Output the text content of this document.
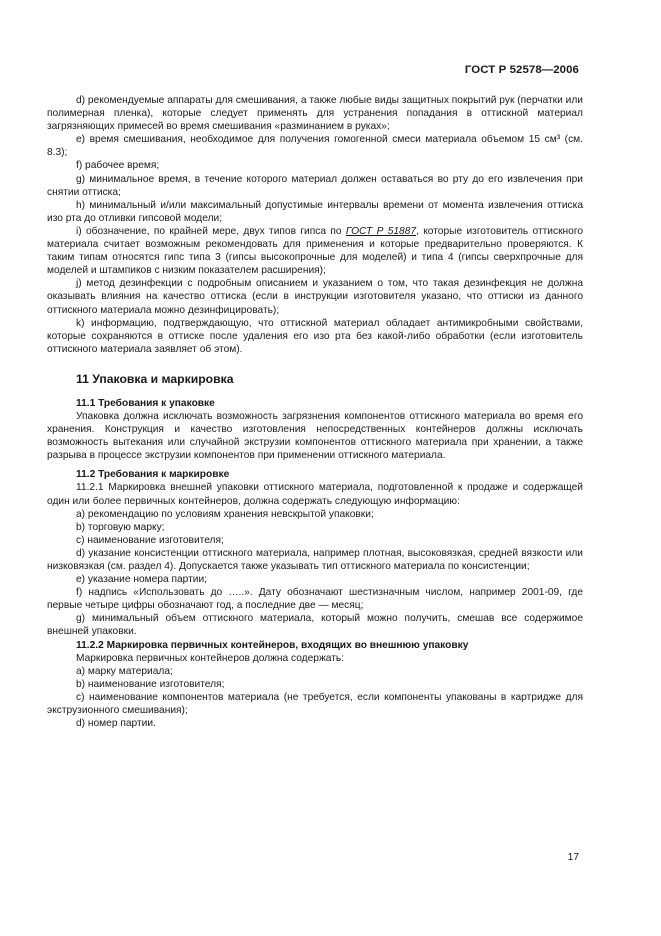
ГОСТ Р 52578—2006

d) рекомендуемые аппараты для смешивания, а также любые виды защитных покрытий рук (перчатки или полимерная пленка), которые следует применять для устранения попадания в оттискной материал загрязняющих примесей во время смешивания «разминанием в руках»;

e) время смешивания, необходимое для получения гомогенной смеси материала объемом 15 см³ (см. 8.3);

f) рабочее время;

g) минимальное время, в течение которого материал должен оставаться во рту до его извлечения при снятии оттиска;

h) минимальный и/или максимальный допустимые интервалы времени от момента извлечения оттиска изо рта до отливки гипсовой модели;

i) обозначение, по крайней мере, двух типов гипса по ГОСТ Р 51887, которые изготовитель оттискного материала считает возможным рекомендовать для применения и которые предварительно проверяются. К таким типам относятся гипс типа 3 (гипсы высокопрочные для моделей) и типа 4 (гипсы сверхпрочные для моделей и штампиков с низким показателем расширения);

j) метод дезинфекции с подробным описанием и указанием о том, что такая дезинфекция не должна оказывать влияния на качество оттиска (если в инструкции изготовителя указано, что оттиски из данного оттискного материала можно дезинфицировать);

k) информацию, подтверждающую, что оттискной материал обладает антимикробными свойствами, которые сохраняются в оттиске после удаления его изо рта без какой-либо обработки (если изготовитель оттискного материала заявляет об этом).

11 Упаковка и маркировка

11.1 Требования к упаковке

Упаковка должна исключать возможность загрязнения компонентов оттискного материала во время его хранения. Конструкция и качество изготовления непосредственных контейнеров должны исключать возможность вытекания или случайной экструзии компонентов оттискного материала при хранении, а также разрыва в процессе экструзии компонентов при применении оттискного материала.

11.2 Требования к маркировке

11.2.1 Маркировка внешней упаковки оттискного материала, подготовленной к продаже и содержащей один или более первичных контейнеров, должна содержать следующую информацию:

a) рекомендацию по условиям хранения невскрытой упаковки;

b) торговую марку;

c) наименование изготовителя;

d) указание консистенции оттискного материала, например плотная, высоковязкая, средней вязкости или низковязкая (см. раздел 4). Допускается также указывать тип оттискного материала по консистенции;

e) указание номера партии;

f) надпись «Использовать до …..». Дату обозначают шестизначным числом, например 2001-09, где первые четыре цифры обозначают год, а последние две — месяц;

g) минимальный объем оттискного материала, который можно получить, смешав все содержимое внешней упаковки.

11.2.2 Маркировка первичных контейнеров, входящих во внешнюю упаковку

Маркировка первичных контейнеров должна содержать:

a) марку материала;

b) наименование изготовителя;

c) наименование компонентов материала (не требуется, если компоненты упакованы в картридже для экструзионного смешивания);

d) номер партии.

17
